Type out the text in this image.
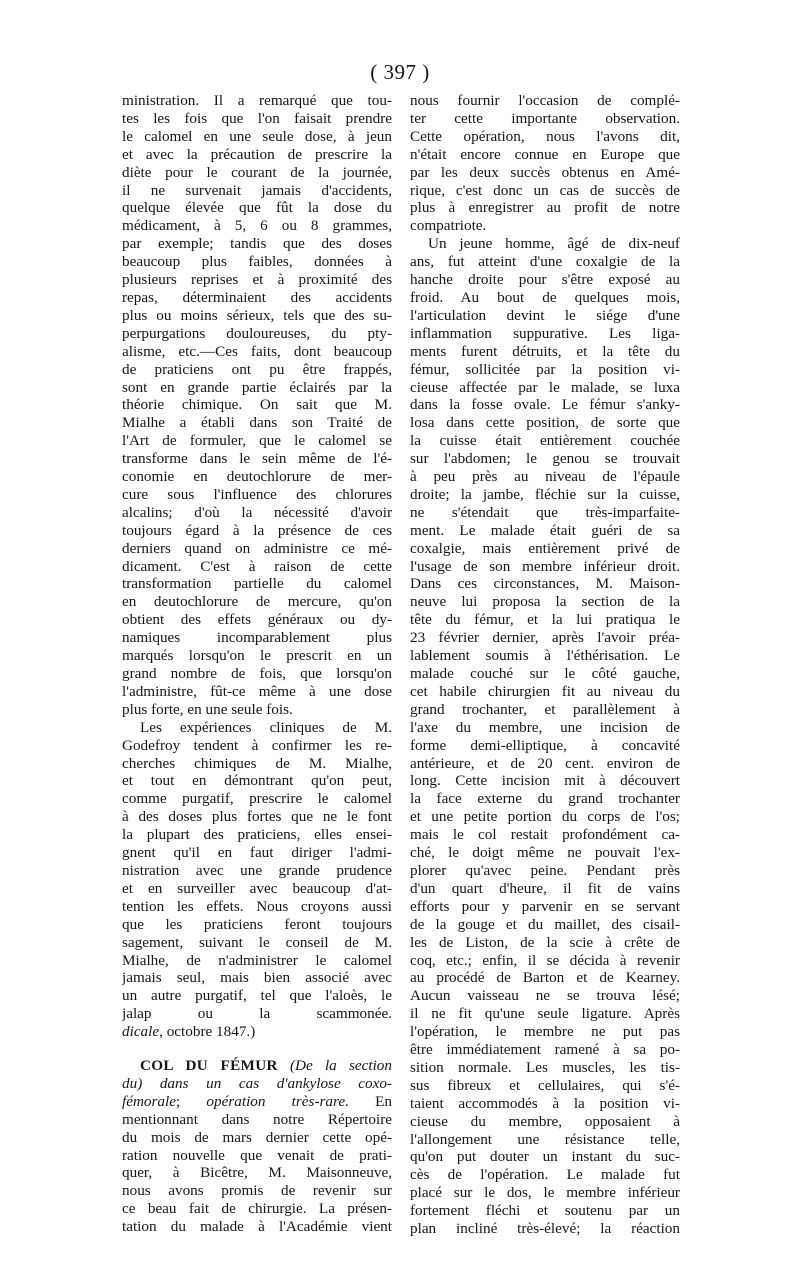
( 397 )
ministration. Il a remarqué que tou-
tes les fois que l'on faisait prendre
le calomel en une seule dose, à jeun
et avec la précaution de prescrire la
diète pour le courant de la journée,
il ne survenait jamais d'accidents,
quelque élevée que fût la dose du
médicament, à 5, 6 ou 8 grammes,
par exemple; tandis que des doses
beaucoup plus faibles, données à
plusieurs reprises et à proximité des
repas, déterminaient des accidents
plus ou moins sérieux, tels que des su-
perpurgations douloureuses, du pty-
alisme, etc.—Ces faits, dont beaucoup
de praticiens ont pu être frappés,
sont en grande partie éclairés par la
théorie chimique. On sait que M.
Mialhe a établi dans son Traité de
l'Art de formuler, que le calomel se
transforme dans le sein même de l'é-
conomie en deutochlorure de mer-
cure sous l'influence des chlorures
alcalins; d'où la nécessité d'avoir
toujours égard à la présence de ces
derniers quand on administre ce mé-
dicament. C'est à raison de cette
transformation partielle du calomel
en deutochlorure de mercure, qu'on
obtient des effets généraux ou dy-
namiques incomparablement plus
marqués lorsqu'on le prescrit en un
grand nombre de fois, que lorsqu'on
l'administre, fût-ce même à une dose
plus forte, en une seule fois.
Les expériences cliniques de M.
Godefroy tendent à confirmer les re-
cherches chimiques de M. Mialhe,
et tout en démontrant qu'on peut,
comme purgatif, prescrire le calomel
à des doses plus fortes que ne le font
la plupart des praticiens, elles ensei-
gnent qu'il en faut diriger l'admi-
nistration avec une grande prudence
et en surveiller avec beaucoup d'at-
tention les effets. Nous croyons aussi
que les praticiens feront toujours
sagement, suivant le conseil de M.
Mialhe, de n'administrer le calomel
jamais seul, mais bien associé avec
un autre purgatif, tel que l'aloès, le
jalap ou la scammonée.
dicale, octobre 1847.)
COL DU FÉMUR (De la section
du) dans un cas d'ankylose coxo-
fémorale; opération très-rare. En
mentionnant dans notre Répertoire
du mois de mars dernier cette opé-
ration nouvelle que venait de prati-
quer, à Bicêtre, M. Maisonneuve,
nous avons promis de revenir sur
ce beau fait de chirurgie. La présen-
tation du malade à l'Académie vient
nous fournir l'occasion de complé-
ter cette importante observation.
Cette opération, nous l'avons dit,
n'était encore connue en Europe que
par les deux succès obtenus en Amé-
rique, c'est donc un cas de succès de
plus à enregistrer au profit de notre
compatriote.
Un jeune homme, âgé de dix-neuf
ans, fut atteint d'une coxalgie de la
hanche droite pour s'être exposé au
froid. Au bout de quelques mois,
l'articulation devint le siége d'une
inflammation suppurative. Les liga-
ments furent détruits, et la tête du
fémur, sollicitée par la position vi-
cieuse affectée par le malade, se luxa
dans la fosse ovale. Le fémur s'anky-
losa dans cette position, de sorte que
la cuisse était entièrement couchée
sur l'abdomen; le genou se trouvait
à peu près au niveau de l'épaule
droite; la jambe, fléchie sur la cuisse,
ne s'étendait que très-imparfaite-
ment. Le malade était guéri de sa
coxalgie, mais entièrement privé de
l'usage de son membre inférieur droit.
Dans ces circonstances, M. Maison-
neuve lui proposa la section de la
tête du fémur, et la lui pratiqua le
23 février dernier, après l'avoir préa-
lablement soumis à l'éthérisation. Le
malade couché sur le côté gauche,
cet habile chirurgien fit au niveau du
grand trochanter, et parallèlement à
l'axe du membre, une incision de
forme demi-elliptique, à concavité
antérieure, et de 20 cent. environ de
long. Cette incision mit à découvert
la face externe du grand trochanter
et une petite portion du corps de l'os;
mais le col restait profondément ca-
ché, le doigt même ne pouvait l'ex-
plorer qu'avec peine. Pendant près
d'un quart d'heure, il fit de vains
efforts pour y parvenir en se servant
de la gouge et du maillet, des cisail-
les de Liston, de la scie à crête de
coq, etc.; enfin, il se décida à revenir
au procédé de Barton et de Kearney.
Aucun vaisseau ne se trouva lésé;
il ne fit qu'une seule ligature. Après
l'opération, le membre ne put pas
être immédiatement ramené à sa po-
sition normale. Les muscles, les tis-
sus fibreux et cellulaires, qui s'é-
taient accommodés à la position vi-
cieuse du membre, opposaient à
l'allongement une résistance telle,
qu'on put douter un instant du suc-
cès de l'opération. Le malade fut
placé sur le dos, le membre inférieur
fortement fléchi et soutenu par un
plan incliné très-élevé; la réaction
